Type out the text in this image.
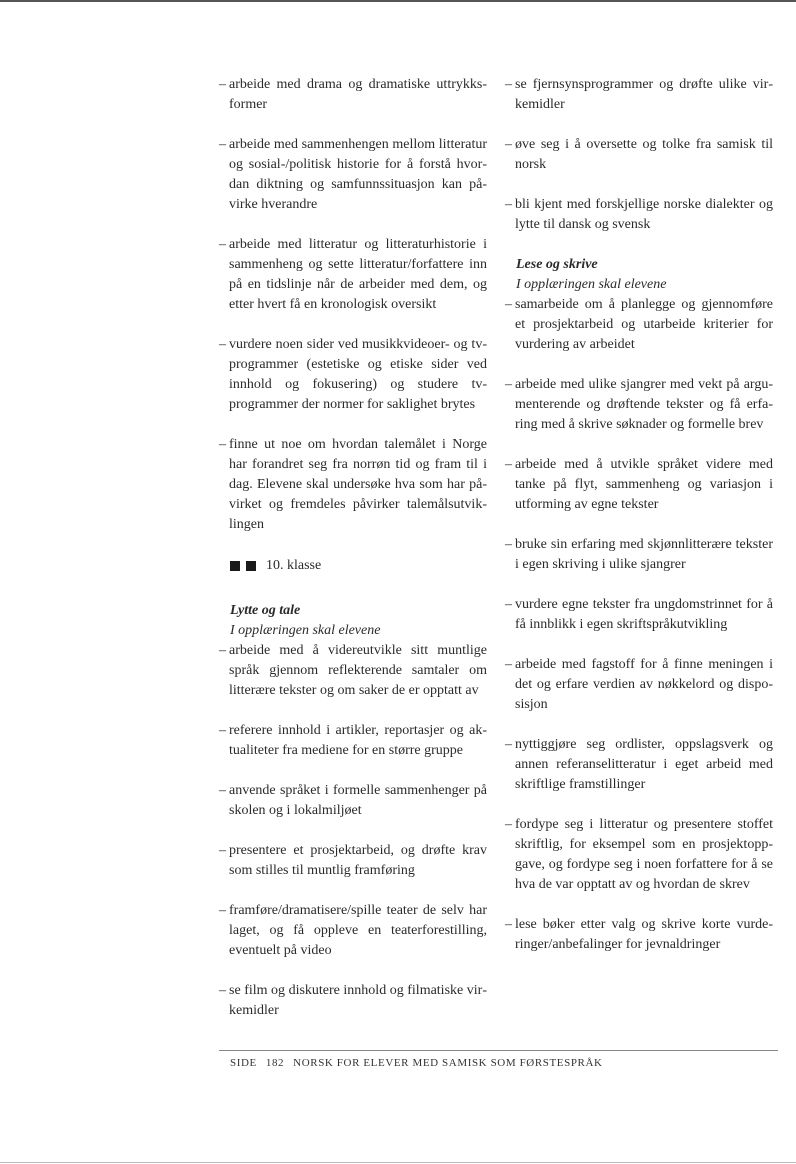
– arbeide med drama og dramatiske uttrykksformer
– arbeide med sammenhengen mellom litteratur og sosial-/politisk historie for å forstå hvordan diktning og samfunnssituasjon kan påvirke hverandre
– arbeide med litteratur og litteraturhistorie i sammenheng og sette litteratur/forfattere inn på en tidslinje når de arbeider med dem, og etter hvert få en kronologisk oversikt
– vurdere noen sider ved musikkvideoer- og tv-programmer (estetiske og etiske sider ved innhold og fokusering) og studere tv-programmer der normer for saklighet brytes
– finne ut noe om hvordan talemålet i Norge har forandret seg fra norrøn tid og fram til i dag. Elevene skal undersøke hva som har påvirket og fremdeles påvirker talemålsutviklingen
10. klasse
Lytte og tale
I opplæringen skal elevene
– arbeide med å videreutvikle sitt muntlige språk gjennom reflekterende samtaler om litterære tekster og om saker de er opptatt av
– referere innhold i artikler, reportasjer og aktualiteter fra mediene for en større gruppe
– anvende språket i formelle sammenhenger på skolen og i lokalmiljøet
– presentere et prosjektarbeid, og drøfte krav som stilles til muntlig framføring
– framføre/dramatisere/spille teater de selv har laget, og få oppleve en teaterforestilling, eventuelt på video
– se film og diskutere innhold og filmatiske virkemidler
– se fjernsynsprogrammer og drøfte ulike virkemidler
– øve seg i å oversette og tolke fra samisk til norsk
– bli kjent med forskjellige norske dialekter og lytte til dansk og svensk
Lese og skrive
I opplæringen skal elevene
– samarbeide om å planlegge og gjennomføre et prosjektarbeid og utarbeide kriterier for vurdering av arbeidet
– arbeide med ulike sjangrer med vekt på argumenterende og drøftende tekster og få erfaring med å skrive søknader og formelle brev
– arbeide med å utvikle språket videre med tanke på flyt, sammenheng og variasjon i utforming av egne tekster
– bruke sin erfaring med skjønnlitterære tekster i egen skriving i ulike sjangrer
– vurdere egne tekster fra ungdomstrinnet for å få innblikk i egen skriftspråkutvikling
– arbeide med fagstoff for å finne meningen i det og erfare verdien av nøkkelord og disposisjon
– nyttiggjøre seg ordlister, oppslagsverk og annen referanselitteratur i eget arbeid med skriftlige framstillinger
– fordype seg i litteratur og presentere stoffet skriftlig, for eksempel som en prosjektoppgave, og fordype seg i noen forfattere for å se hva de var opptatt av og hvordan de skrev
– lese bøker etter valg og skrive korte vurderinger/anbefalinger for jevnaldringer
SIDE 182 NORSK FOR ELEVER MED SAMISK SOM FØRSTESPRÅK
